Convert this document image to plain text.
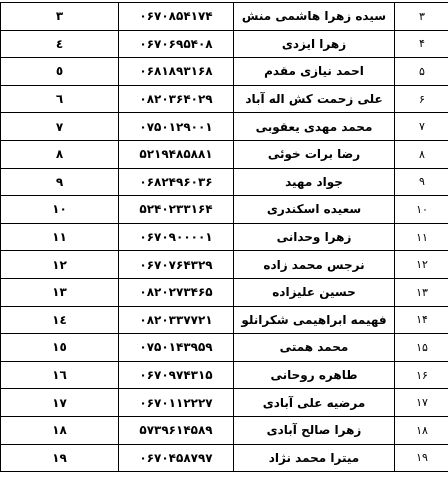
۳	سیده زهرا هاشمی منش	۰۶۷۰۸۵۴۱۷۴	۳
۴	زهرا ایزدی	۰۶۷۰۶۹۵۴۰۸	٤
۵	احمد نیازی مقدم	۰۶۸۱۸۹۳۱۶۸	٥
۶	علی زحمت کش اله آباد	۰۸۲۰۳۶۴۰۲۹	٦
۷	محمد مهدی یعقوبی	۰۷۵۰۱۲۹۰۰۱	٧
۸	رضا برات خوئی	۵۲۱۹۴۸۵۸۸۱	٨
۹	جواد مهید	۰۶۸۲۴۹۶۰۳۶	٩
۱۰	سعیده اسکندری	۵۲۴۰۲۳۳۱۶۴	١٠
۱۱	زهرا وحدانی	۰۶۷۰۹۰۰۰۰۱	١١
۱۲	نرجس محمد زاده	۰۶۷۰۷۶۴۳۲۹	١٢
۱۳	حسین علیزاده	۰۸۲۰۲۷۳۴۶۵	١٣
۱۴	فهیمه ابراهیمی شکرانلو	۰۸۲۰۳۳۷۷۲۱	١٤
۱۵	محمد همتی	۰۷۵۰۱۴۳۹۵۹	١٥
۱۶	طاهره روحانی	۰۶۷۰۹۷۴۳۱۵	١٦
۱۷	مرضیه علی آبادی	۰۶۷۰۱۱۲۲۲۷	١٧
۱۸	زهرا صالح آبادی	۵۷۳۹۶۱۴۵۸۹	١٨
۱۹	میترا محمد نژاد	۰۶۷۰۴۵۸۷۹۷	١٩
